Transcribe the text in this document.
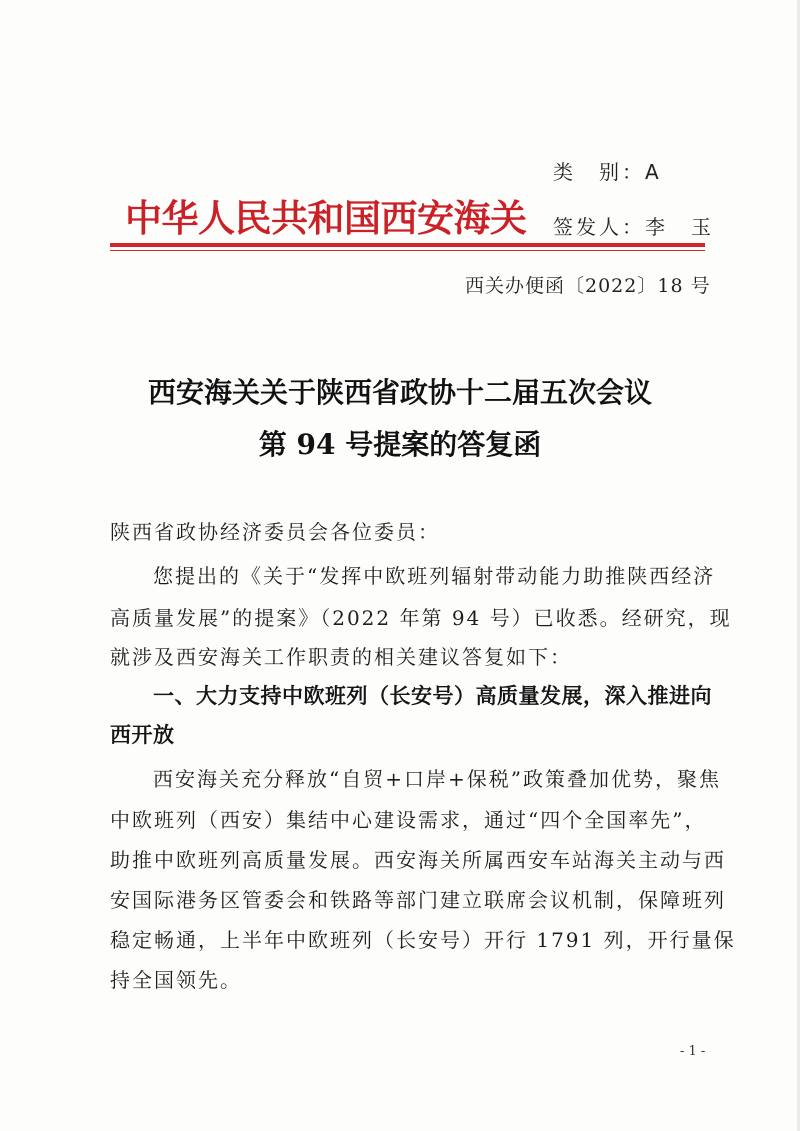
类　别：A
签发人：李　玉
中华人民共和国西安海关
西关办便函〔2022〕18 号
西安海关关于陕西省政协十二届五次会议
第 94 号提案的答复函
陕西省政协经济委员会各位委员：
您提出的《关于“发挥中欧班列辐射带动能力助推陕西经济
高质量发展”的提案》（2022 年第 94 号）已收悉。经研究，现
就涉及西安海关工作职责的相关建议答复如下：
一、大力支持中欧班列（长安号）高质量发展，深入推进向
西开放
西安海关充分释放“自贸+口岸+保税”政策叠加优势，聚焦
中欧班列（西安）集结中心建设需求，通过“四个全国率先”，
助推中欧班列高质量发展。西安海关所属西安车站海关主动与西
安国际港务区管委会和铁路等部门建立联席会议机制，保障班列
稳定畅通，上半年中欧班列（长安号）开行 1791 列，开行量保
持全国领先。
- 1 -
